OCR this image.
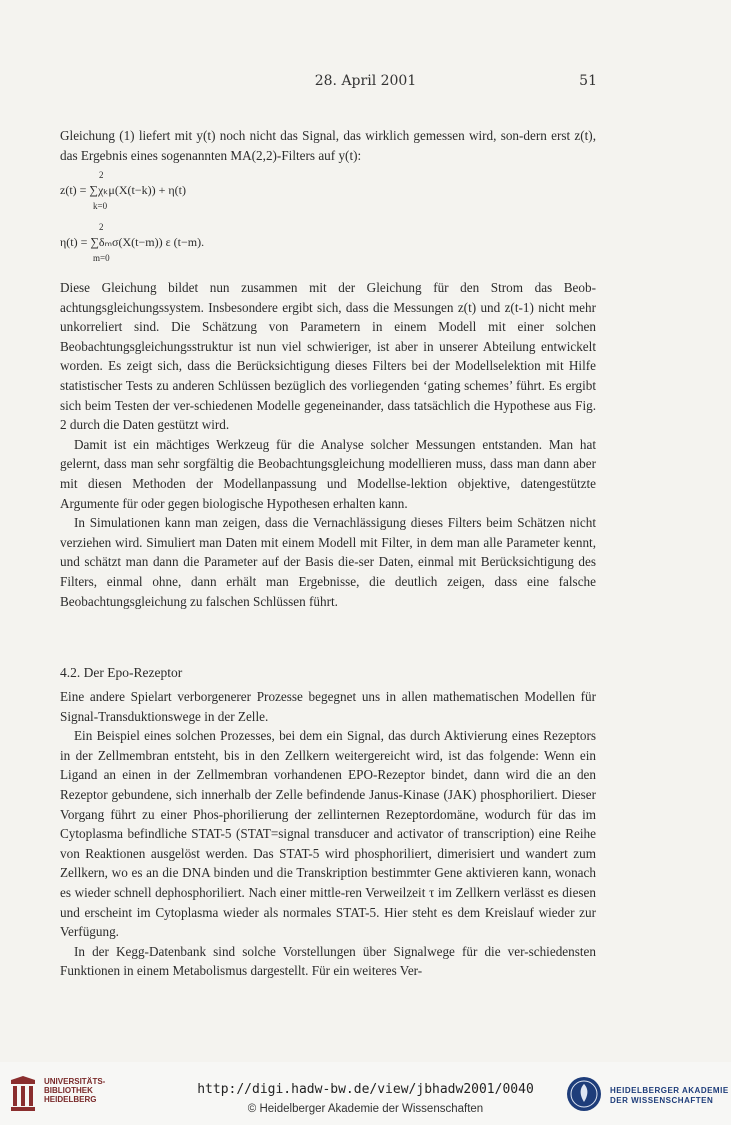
28. April 2001	51

Gleichung (1) liefert mit y(t) noch nicht das Signal, das wirklich gemessen wird, son-dern erst z(t), das Ergebnis eines sogenannten MA(2,2)-Filters auf y(t):

2
z(t) = ∑χₖμ(X(t−k)) + η(t)
k=0
2
η(t) = ∑δₘσ(X(t−m)) ε (t−m).
m=0

Diese Gleichung bildet nun zusammen mit der Gleichung für den Strom das Beob-achtungsgleichungssystem. Insbesondere ergibt sich, dass die Messungen z(t) und z(t-1) nicht mehr unkorreliert sind. Die Schätzung von Parametern in einem Modell mit einer solchen Beobachtungsgleichungsstruktur ist nun viel schwieriger, ist aber in unserer Abteilung entwickelt worden. Es zeigt sich, dass die Berücksichtigung dieses Filters bei der Modellselektion mit Hilfe statistischer Tests zu anderen Schlüssen bezüglich des vorliegenden ‘gating schemes’ führt. Es ergibt sich beim Testen der ver-schiedenen Modelle gegeneinander, dass tatsächlich die Hypothese aus Fig. 2 durch die Daten gestützt wird.

Damit ist ein mächtiges Werkzeug für die Analyse solcher Messungen entstanden. Man hat gelernt, dass man sehr sorgfältig die Beobachtungsgleichung modellieren muss, dass man dann aber mit diesen Methoden der Modellanpassung und Modellse-lektion objektive, datengestützte Argumente für oder gegen biologische Hypothesen erhalten kann.

In Simulationen kann man zeigen, dass die Vernachlässigung dieses Filters beim Schätzen nicht verziehen wird. Simuliert man Daten mit einem Modell mit Filter, in dem man alle Parameter kennt, und schätzt man dann die Parameter auf der Basis die-ser Daten, einmal mit Berücksichtigung des Filters, einmal ohne, dann erhält man Ergebnisse, die deutlich zeigen, dass eine falsche Beobachtungsgleichung zu falschen Schlüssen führt.

4.2. Der Epo-Rezeptor

Eine andere Spielart verborgenerer Prozesse begegnet uns in allen mathematischen Modellen für Signal-Transduktionswege in der Zelle.

Ein Beispiel eines solchen Prozesses, bei dem ein Signal, das durch Aktivierung eines Rezeptors in der Zellmembran entsteht, bis in den Zellkern weitergereicht wird, ist das folgende: Wenn ein Ligand an einen in der Zellmembran vorhandenen EPO-Rezeptor bindet, dann wird die an den Rezeptor gebundene, sich innerhalb der Zelle befindende Janus-Kinase (JAK) phosphoriliert. Dieser Vorgang führt zu einer Phos-phorilierung der zellinternen Rezeptordomäne, wodurch für das im Cytoplasma befindliche STAT-5 (STAT=signal transducer and activator of transcription) eine Reihe von Reaktionen ausgelöst werden. Das STAT-5 wird phosphoriliert, dimerisiert und wandert zum Zellkern, wo es an die DNA binden und die Transkription bestimmter Gene aktivieren kann, wonach es wieder schnell dephosphoriliert. Nach einer mittle-ren Verweilzeit τ im Zellkern verlässt es diesen und erscheint im Cytoplasma wieder als normales STAT-5. Hier steht es dem Kreislauf wieder zur Verfügung.

In der Kegg-Datenbank sind solche Vorstellungen über Signalwege für die ver-schiedensten Funktionen in einem Metabolismus dargestellt. Für ein weiteres Ver-

UNIVERSITÄTS-
BIBLIOTHEK
HEIDELBERG
http://digi.hadw-bw.de/view/jbhadw2001/0040
© Heidelberger Akademie der Wissenschaften
HEIDELBERGER AKADEMIE
DER WISSENSCHAFTEN
